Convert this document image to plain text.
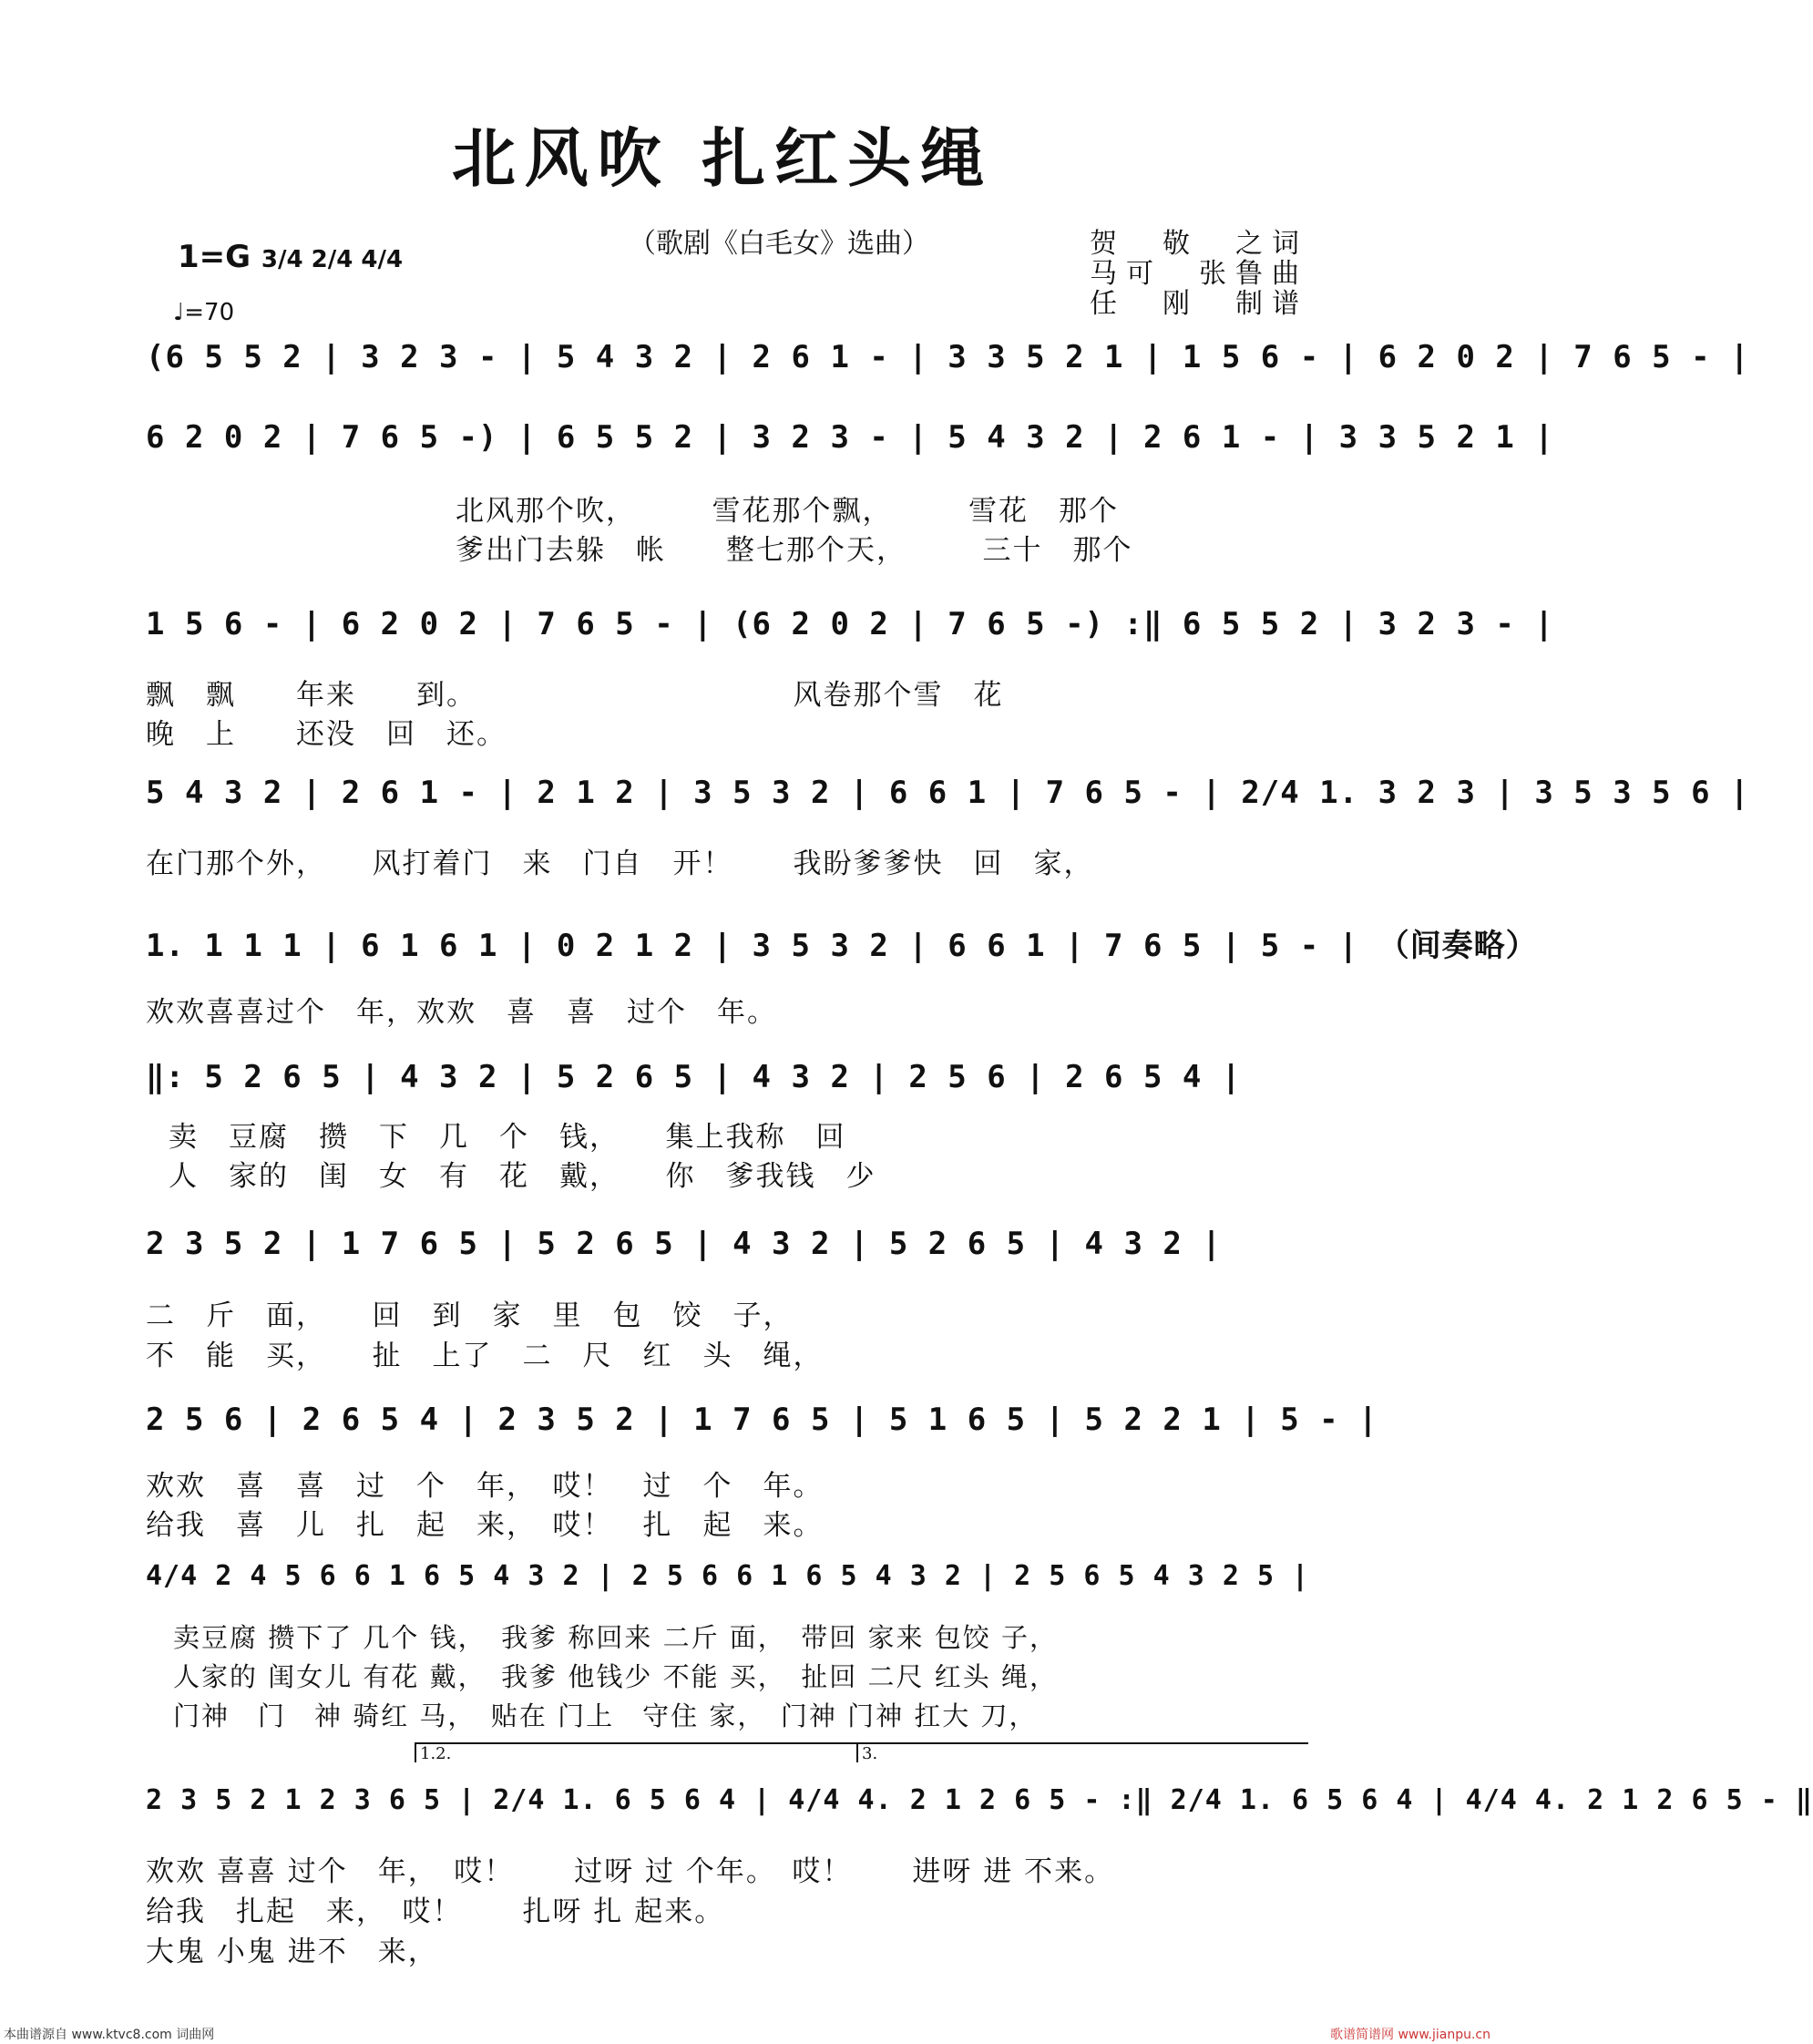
北风吹 扎红头绳
（歌剧《白毛女》选曲）	贺　敬　之词
马可　张鲁曲
任　刚　制谱
1=G 3/4 2/4 4/4
♩=70
(6 5 5 2 | 3 2 3 - | 5 4 3 2 | 2 6 1 - | 3 3 5 2 1 | 1 5 6 - | 6 2 0 2 | 7 6 5 - |
6 2 0 2 | 7 6 5 -) | 6 5 5 2 | 3 2 3 - | 5 4 3 2 | 2 6 1 - | 3 3 5 2 1 |
北风那个吹，　　　雪花那个飘，　　　雪花　那个
爹出门去躲　帐　　整七那个天，　　　三十　那个
1 5 6 - | 6 2 0 2 | 7 6 5 - | (6 2 0 2 | 7 6 5 -) :‖ 6 5 5 2 | 3 2 3 - |
飘　飘　　年来　　到。　　　　　　　　　　　风卷那个雪　花
晚　上　　还没　回　还。
5 4 3 2 | 2 6 1 - | 2 1 2 | 3 5 3 2 | 6 6 1 | 7 6 5 - | 2/4 1. 3 2 3 | 3 5 3 5 6 |
在门那个外，　　风打着门　来　门自　开！　　我盼爹爹快　回　家，
1. 1 1 1 | 6 1 6 1 | 0 2 1 2 | 3 5 3 2 | 6 6 1 | 7 6 5 | 5 - | （间奏略）
欢欢喜喜过个　年，欢欢　喜　喜　过个　年。
‖: 5 2 6 5 | 4 3 2 | 5 2 6 5 | 4 3 2 | 2 5 6 | 2 6 5 4 |
卖　豆腐　攒　下　几　个　钱，　　集上我称　回
人　家的　闺　女　有　花　戴，　　你　爹我钱　少
2 3 5 2 | 1 7 6 5 | 5 2 6 5 | 4 3 2 | 5 2 6 5 | 4 3 2 |
二　斤　面，　　回　到　家　里　包　饺　子，
不　能　买，　　扯　上了　二　尺　红　头　绳，
2 5 6 | 2 6 5 4 | 2 3 5 2 | 1 7 6 5 | 5 1 6 5 | 5 2 2 1 | 5 - |
欢欢　喜　喜　过　个　年，　哎！　过　个　年。
给我　喜　儿　扎　起　来，　哎！　扎　起　来。
4/4 2 4 5 6 6 1 6 5 4 3 2 | 2 5 6 6 1 6 5 4 3 2 | 2 5 6 5 4 3 2 5 |
卖豆腐 攒下了 几个 钱，　我爹 称回来 二斤 面，　带回 家来 包饺 子，
人家的 闺女儿 有花 戴，　我爹 他钱少 不能 买，　扯回 二尺 红头 绳，
门神　门　神 骑红 马，　贴在 门上　守住 家，　门神 门神 扛大 刀，
1.2.	3.
2 3 5 2 1 2 3 6 5 | 2/4 1. 6 5 6 4 | 4/4 4. 2 1 2 6 5 - :‖ 2/4 1. 6 5 6 4 | 4/4 4. 2 1 2 6 5 - ‖
欢欢 喜喜 过个　年，　哎！　　过呀 过 个年。　哎！　　进呀 进 不来。
给我　扎起　来，　哎！　　扎呀 扎 起来。
大鬼 小鬼 进不　来，
本曲谱源自 www.ktvc8.com 词曲网	歌谱简谱网 www.jianpu.cn
